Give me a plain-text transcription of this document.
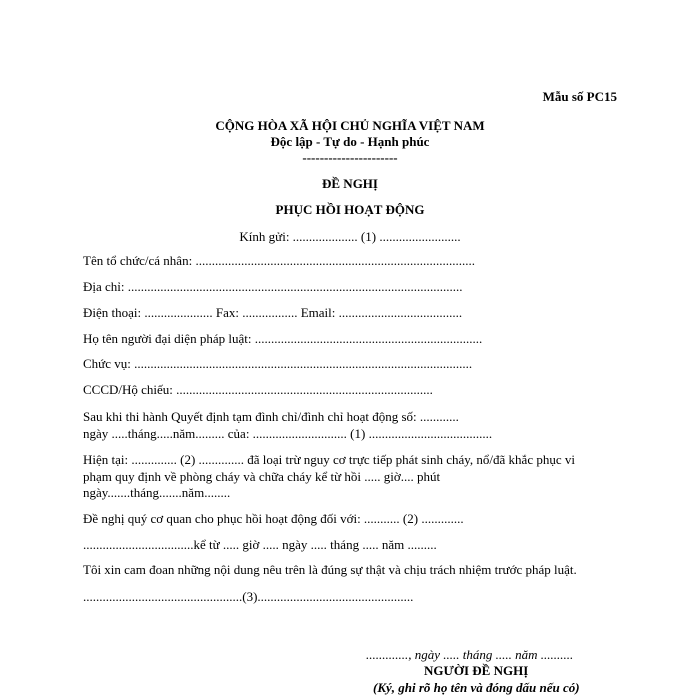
Mẫu số PC15
CỘNG HÒA XÃ HỘI CHỦ NGHĨA VIỆT NAM
Độc lập - Tự do - Hạnh phúc
----------------------
ĐỀ NGHỊ
PHỤC HỒI HOẠT ĐỘNG
Kính gửi: .................... (1) .........................
Tên tổ chức/cá nhân: ......................................................................................
Địa chỉ: .......................................................................................................
Điện thoại: ..................... Fax: ................. Email: ......................................
Họ tên người đại diện pháp luật: ......................................................................
Chức vụ: ........................................................................................................
CCCD/Hộ chiếu: ...............................................................................
Sau khi thi hành Quyết định tạm đình chỉ/đình chỉ hoạt động số: ............
ngày .....tháng.....năm......... của: ............................. (1) ......................................
Hiện tại: .............. (2) .............. đã loại trừ nguy cơ trực tiếp phát sinh cháy, nổ/đã khắc phục vi
phạm quy định về phòng cháy và chữa cháy kể từ hồi ..... giờ.... phút
ngày.......tháng.......năm........
Đề nghị quý cơ quan cho phục hồi hoạt động đối với: ........... (2) .............
..................................kể từ ..... giờ ..... ngày ..... tháng ..... năm .........
Tôi xin cam đoan những nội dung nêu trên là đúng sự thật và chịu trách nhiệm trước pháp luật.
.................................................(3)................................................
............., ngày ..... tháng ..... năm ..........
NGƯỜI ĐỀ NGHỊ
(Ký, ghi rõ họ tên và đóng dấu nếu có)
